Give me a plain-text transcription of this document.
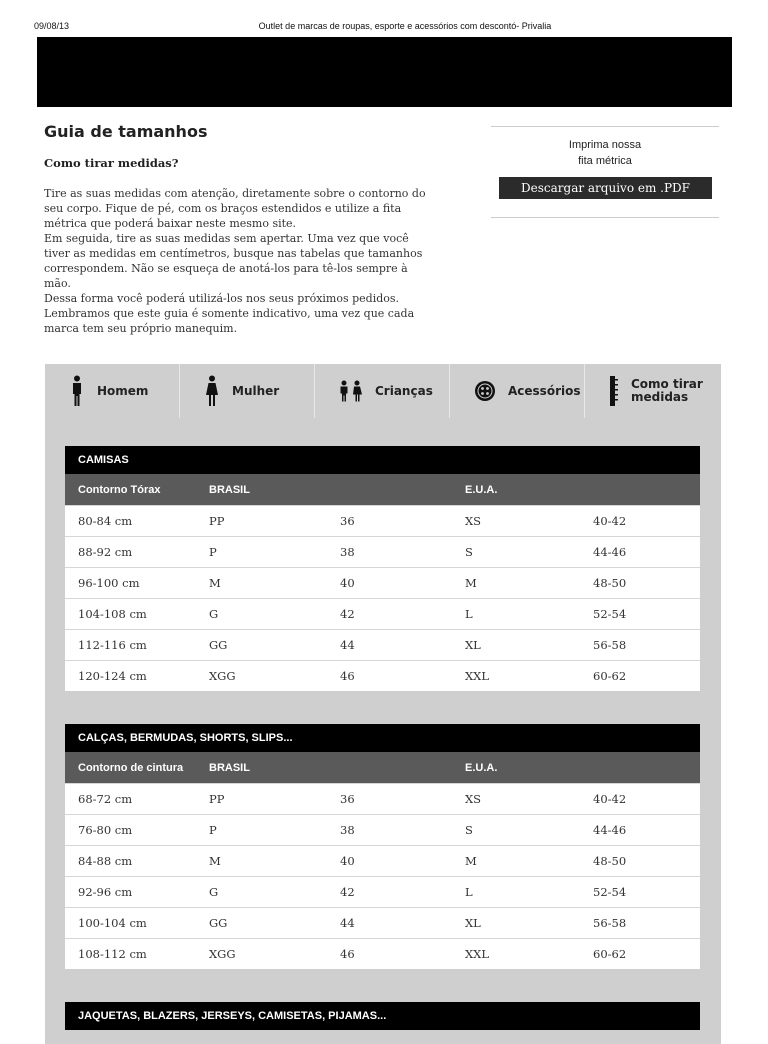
09/08/13	Outlet de marcas de roupas, esporte e acessórios com descontó- Privalia
Guia de tamanhos
Como tirar medidas?

Tire as suas medidas com atenção, diretamente sobre o contorno do seu corpo. Fique de pé, com os braços estendidos e utilize a fita métrica que poderá baixar neste mesmo site.

Em seguida, tire as suas medidas sem apertar. Uma vez que você tiver as medidas em centímetros, busque nas tabelas que tamanhos correspondem. Não se esqueça de anotá-los para tê-los sempre à mão.

Dessa forma você poderá utilizá-los nos seus próximos pedidos.

Lembramos que este guia é somente indicativo, uma vez que cada marca tem seu próprio manequim.

Imprima nossa
fita métrica
Descargar arquivo em .PDF
Homem	Mulher	Crianças	Acessórios	Como tirar medidas
CAMISAS				
Contorno Tórax	BRASIL		E.U.A.	
80-84 cm	PP	36	XS	40-42
88-92 cm	P	38	S	44-46
96-100 cm	M	40	M	48-50
104-108 cm	G	42	L	52-54
112-116 cm	GG	44	XL	56-58
120-124 cm	XGG	46	XXL	60-62
CALÇAS, BERMUDAS, SHORTS, SLIPS...				
Contorno de cintura	BRASIL		E.U.A.	
68-72 cm	PP	36	XS	40-42
76-80 cm	P	38	S	44-46
84-88 cm	M	40	M	48-50
92-96 cm	G	42	L	52-54
100-104 cm	GG	44	XL	56-58
108-112 cm	XGG	46	XXL	60-62
JAQUETAS, BLAZERS, JERSEYS, CAMISETAS, PIJAMAS...
